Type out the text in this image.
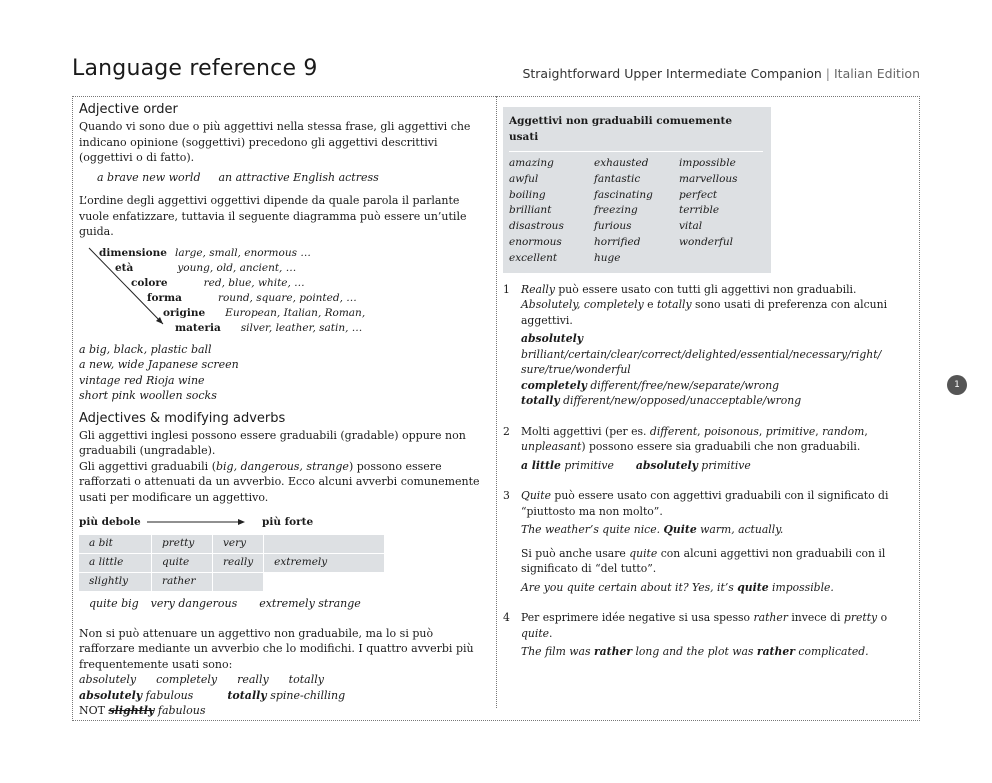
Language reference 9	Straightforward Upper Intermediate Companion | Italian Edition
Adjective order

Quando vi sono due o più aggettivi nella stessa frase, gli aggettivi che indicano opinione (soggettivi) precedono gli aggettivi descrittivi (oggettivi o di fatto).

a brave new world an attractive English actress

L’ordine degli aggettivi oggettivi dipende da quale parola il parlante vuole enfatizzare, tuttavia il seguente diagramma può essere un’utile guida.

dimensione large, small, enormous …
età	young, old, ancient, …
colore	red, blue, white, …
forma	round, square, pointed, …
origine European, Italian, Roman,
materia silver, leather, satin, …
a big, black, plastic ball
a new, wide Japanese screen
vintage red Rioja wine
short pink woollen socks
Adjectives & modifying adverbs

Gli aggettivi inglesi possono essere graduabili (gradable) oppure non graduabili (ungradable).

Gli aggettivi graduabili (big, dangerous, strange) possono essere rafforzati o attenuati da un avverbio. Ecco alcuni avverbi comunemente usati per modificare un aggettivo.

più debole	più forte
a bit	pretty	very	
a little	quite	really	extremely
slightly	rather		
quite big very dangerous extremely strange

Non si può attenuare un aggettivo non graduabile, ma lo si può rafforzare mediante un avverbio che lo modifichi. I quattro avverbi più frequentemente usati sono:

absolutely completely really totally
absolutely fabulous	totally spine-chilling
NOT slightly fabulous
Aggettivi non graduabili comuemente usati
amazing	exhausted	impossible
awful	fantastic	marvellous
boiling	fascinating	perfect
brilliant	freezing	terrible
disastrous	furious	vital
enormous	horrified	wonderful
excellent	huge
1 Really può essere usato con tutti gli aggettivi non graduabili. Absolutely, completely e totally sono usati di preferenza con alcuni aggettivi.

absolutely brilliant/certain/clear/correct/delighted/essential/necessary/right/ sure/true/wonderful

completely different/free/new/separate/wrong

totally different/new/opposed/unacceptable/wrong

2 Molti aggettivi (per es. different, poisonous, primitive, random, unpleasant) possono essere sia graduabili che non graduabili.

a little primitive absolutely primitive

3 Quite può essere usato con aggettivi graduabili con il significato di “piuttosto ma non molto”.

The weather’s quite nice. Quite warm, actually.

Si può anche usare quite con alcuni aggettivi non graduabili con il significato di “del tutto”.

Are you quite certain about it? Yes, it’s quite impossible.

4 Per esprimere idée negative si usa spesso rather invece di pretty o quite.

The film was rather long and the plot was rather complicated.

1
